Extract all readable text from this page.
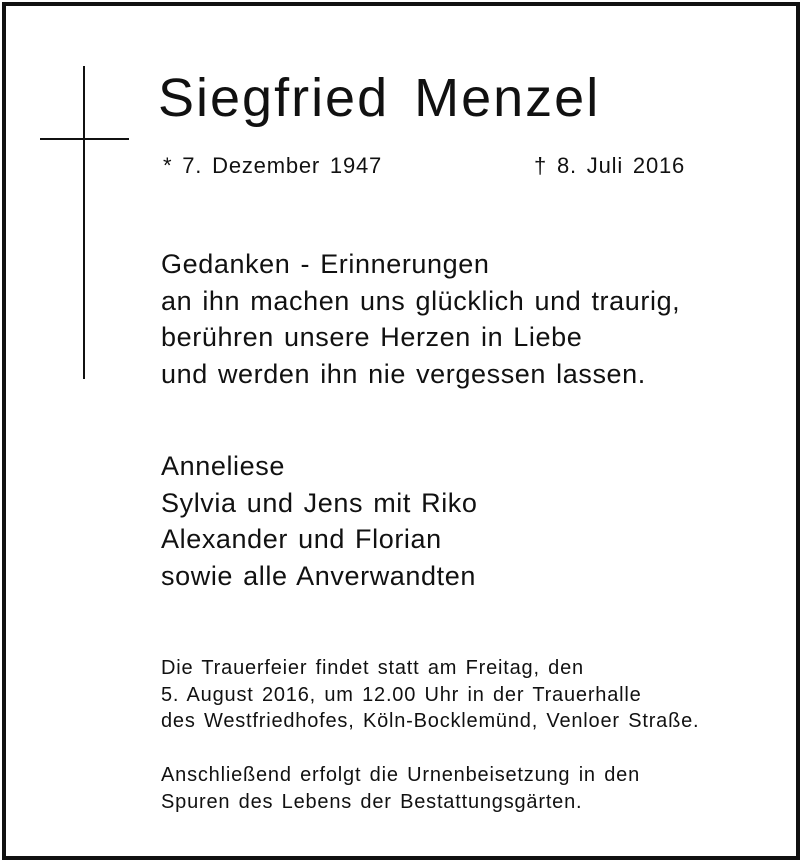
Siegfried Menzel
* 7. Dezember 1947	† 8. Juli 2016
Gedanken - Erinnerungen
an ihn machen uns glücklich und traurig,
berühren unsere Herzen in Liebe
und werden ihn nie vergessen lassen.
Anneliese
Sylvia und Jens mit Riko
Alexander und Florian
sowie alle Anverwandten
Die Trauerfeier findet statt am Freitag, den
5. August 2016, um 12.00 Uhr in der Trauerhalle
des Westfriedhofes, Köln-Bocklemünd, Venloer Straße.
Anschließend erfolgt die Urnenbeisetzung in den
Spuren des Lebens der Bestattungsgärten.
